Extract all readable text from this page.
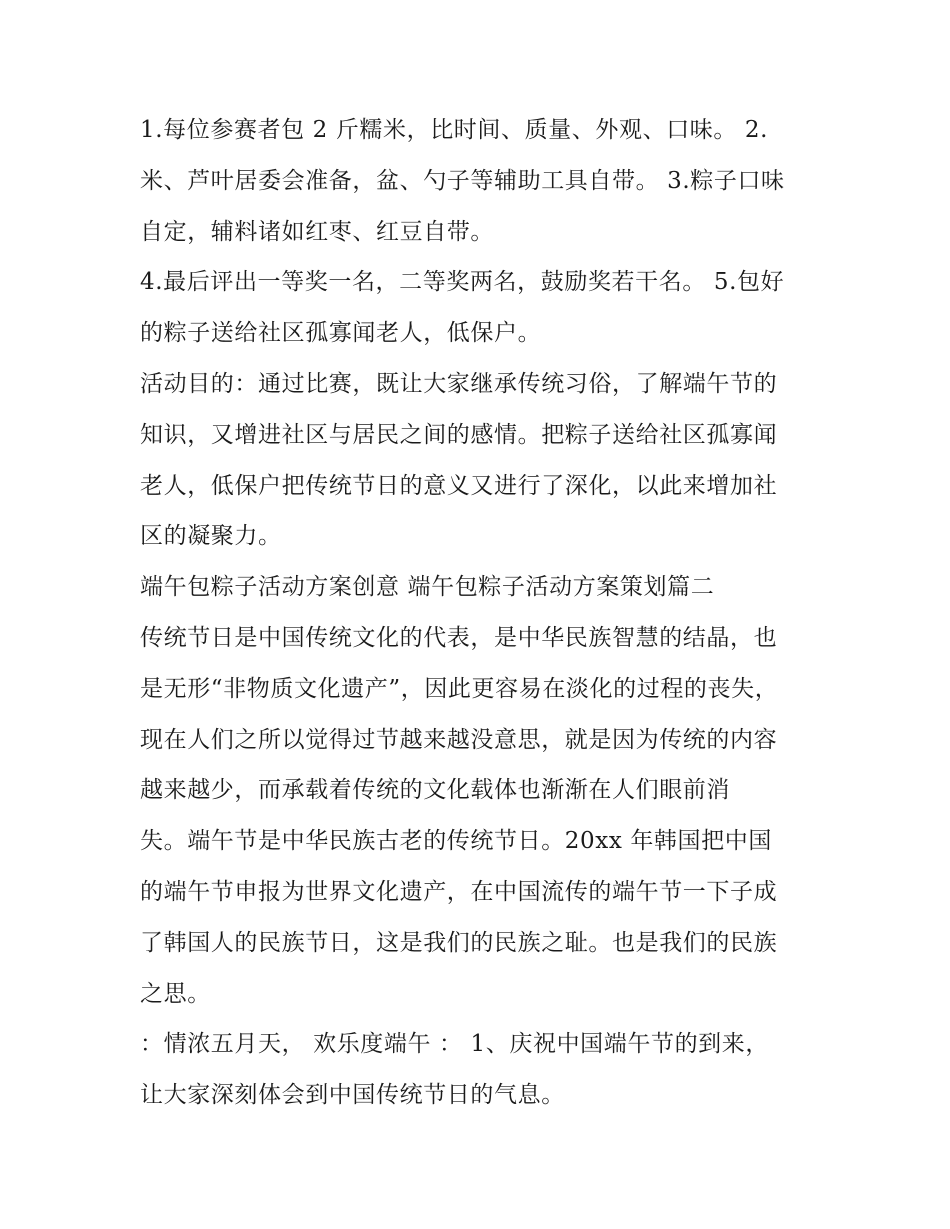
1.每位参赛者包 2 斤糯米，比时间、质量、外观、口味。 2.
米、芦叶居委会准备，盆、勺子等辅助工具自带。 3.粽子口味
自定，辅料诸如红枣、红豆自带。
4.最后评出一等奖一名，二等奖两名，鼓励奖若干名。 5.包好
的粽子送给社区孤寡闻老人，低保户。
活动目的：通过比赛，既让大家继承传统习俗，了解端午节的
知识，又增进社区与居民之间的感情。把粽子送给社区孤寡闻
老人，低保户把传统节日的意义又进行了深化，以此来增加社
区的凝聚力。
端午包粽子活动方案创意 端午包粽子活动方案策划篇二
传统节日是中国传统文化的代表，是中华民族智慧的结晶，也
是无形“非物质文化遗产”，因此更容易在淡化的过程的丧失，
现在人们之所以觉得过节越来越没意思，就是因为传统的内容
越来越少，而承载着传统的文化载体也渐渐在人们眼前消
失。端午节是中华民族古老的传统节日。20xx 年韩国把中国
的端午节申报为世界文化遗产，在中国流传的端午节一下子成
了韩国人的民族节日，这是我们的民族之耻。也是我们的民族
之思。
：情浓五月天， 欢乐度端午 ： 1、庆祝中国端午节的到来，
让大家深刻体会到中国传统节日的气息。
